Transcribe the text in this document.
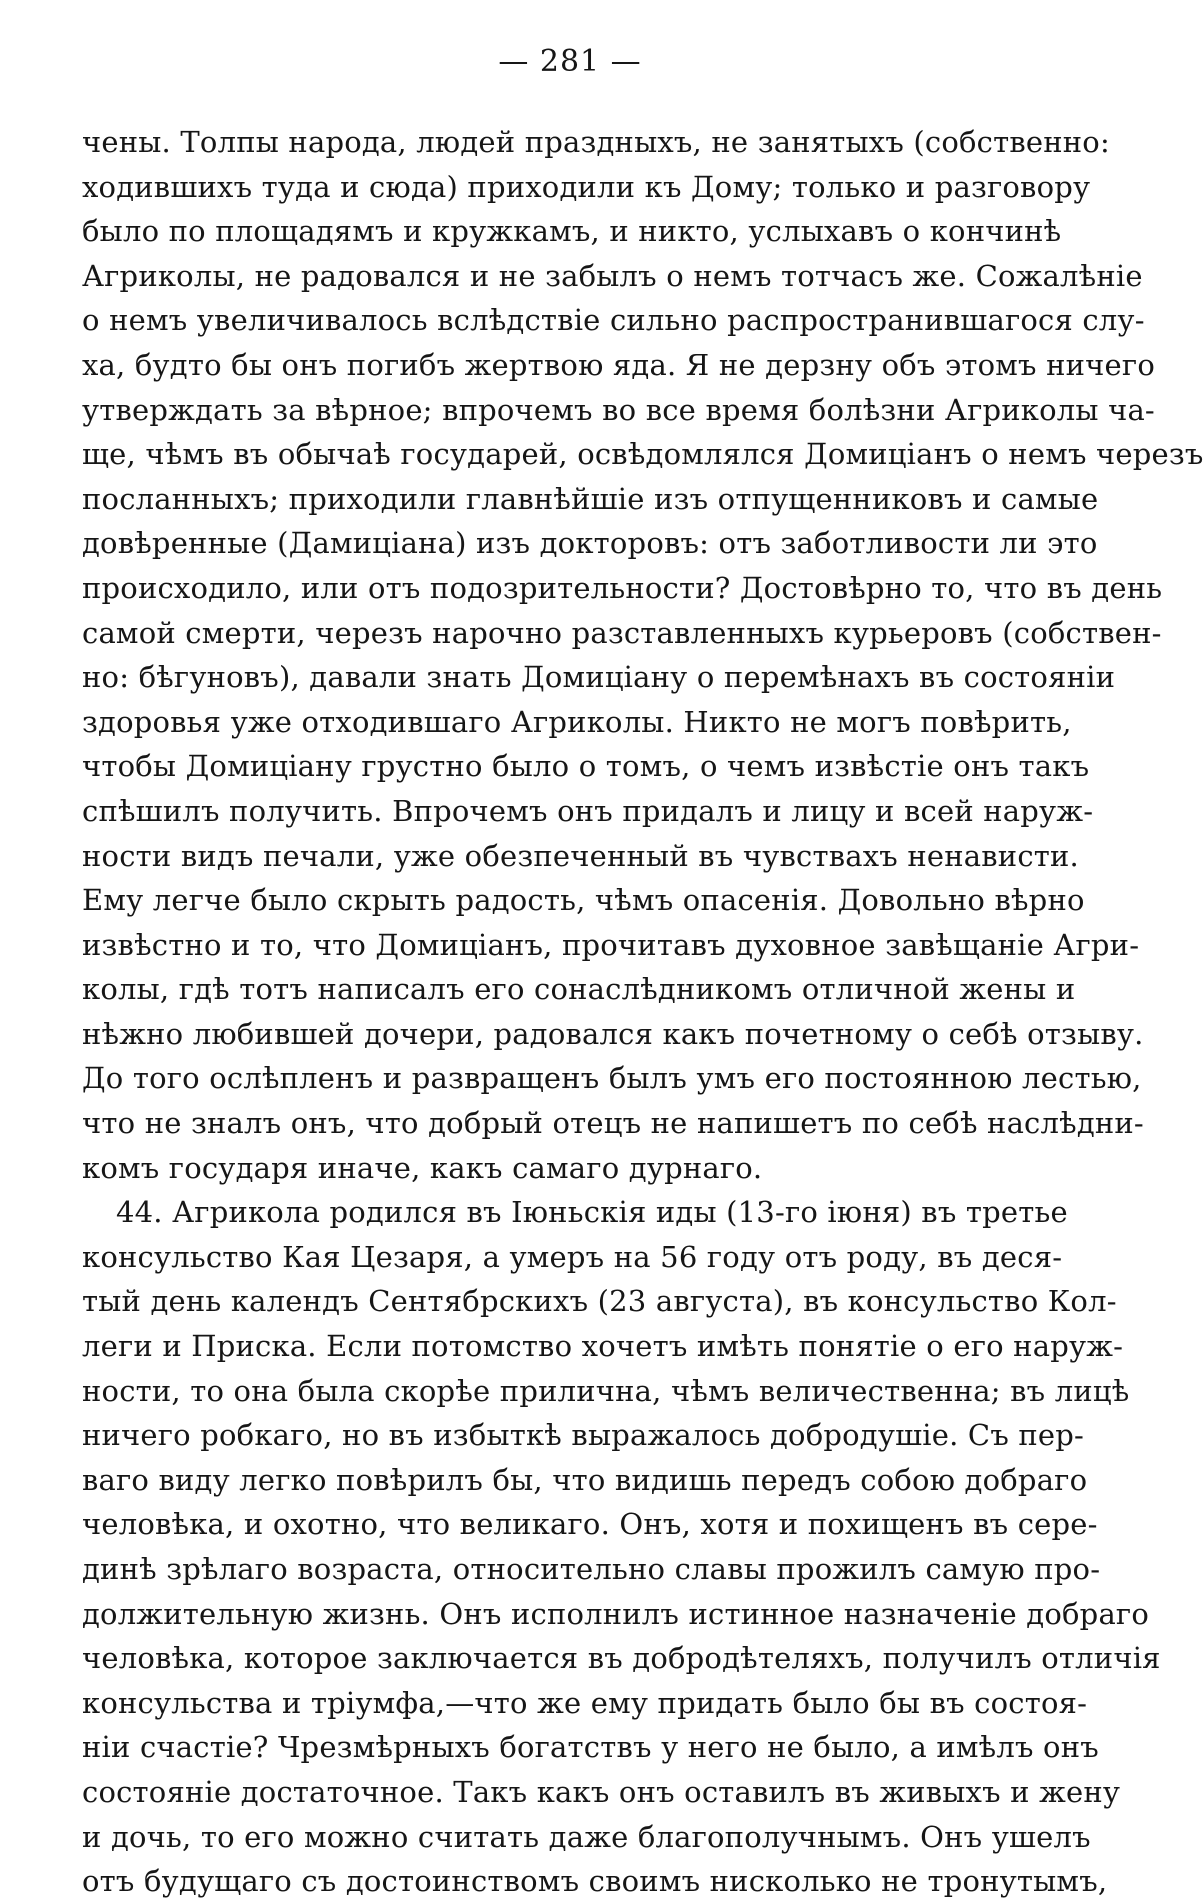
— 281 —
чены. Толпы народа, людей праздныхъ, не занятыхъ (собственно:
ходившихъ туда и сюда) приходили къ Дому; только и разговору
было по площадямъ и кружкамъ, и никто, услыхавъ о кончинѣ
Агриколы, не радовался и не забылъ о немъ тотчасъ же. Сожалѣніе
о немъ увеличивалось вслѣдствіе сильно распространившагося слу-
ха, будто бы онъ погибъ жертвою яда. Я не дерзну объ этомъ ничего
утверждать за вѣрное; впрочемъ во все время болѣзни Агриколы ча-
ще, чѣмъ въ обычаѣ государей, освѣдомлялся Домиціанъ о немъ черезъ
посланныхъ; приходили главнѣйшіе изъ отпущенниковъ и самые
довѣренные (Дамиціана) изъ докторовъ: отъ заботливости ли это
происходило, или отъ подозрительности? Достовѣрно то, что въ день
самой смерти, черезъ нарочно разставленныхъ курьеровъ (собствен-
но: бѣгуновъ), давали знать Домиціану о перемѣнахъ въ состояніи
здоровья уже отходившаго Агриколы. Никто не могъ повѣрить,
чтобы Домиціану грустно было о томъ, о чемъ извѣстіе онъ такъ
спѣшилъ получить. Впрочемъ онъ придалъ и лицу и всей наруж-
ности видъ печали, уже обезпеченный въ чувствахъ ненависти.
Ему легче было скрыть радость, чѣмъ опасенія. Довольно вѣрно
извѣстно и то, что Домиціанъ, прочитавъ духовное завѣщаніе Агри-
колы, гдѣ тотъ написалъ его сонаслѣдникомъ отличной жены и
нѣжно любившей дочери, радовался какъ почетному о себѣ отзыву.
До того ослѣпленъ и развращенъ былъ умъ его постоянною лестью,
что не зналъ онъ, что добрый отецъ не напишетъ по себѣ наслѣдни-
комъ государя иначе, какъ самаго дурнаго.
44. Агрикола родился въ Іюньскія иды (13-го іюня) въ третье
консульство Кая Цезаря, а умеръ на 56 году отъ роду, въ деся-
тый день календъ Сентябрскихъ (23 августа), въ консульство Кол-
леги и Приска. Если потомство хочетъ имѣть понятіе о его наруж-
ности, то она была скорѣе прилична, чѣмъ величественна; въ лицѣ
ничего робкаго, но въ избыткѣ выражалось добродушіе. Съ пер-
ваго виду легко повѣрилъ бы, что видишь передъ собою добраго
человѣка, и охотно, что великаго. Онъ, хотя и похищенъ въ сере-
динѣ зрѣлаго возраста, относительно славы прожилъ самую про-
должительную жизнь. Онъ исполнилъ истинное назначеніе добраго
человѣка, которое заключается въ добродѣтеляхъ, получилъ отличія
консульства и тріумфа,—что же ему придать было бы въ состоя-
ніи счастіе? Чрезмѣрныхъ богатствъ у него не было, а имѣлъ онъ
состояніе достаточное. Такъ какъ онъ оставилъ въ живыхъ и жену
и дочь, то его можно считать даже благополучнымъ. Онъ ушелъ
отъ будущаго съ достоинствомъ своимъ нисколько не тронутымъ,
